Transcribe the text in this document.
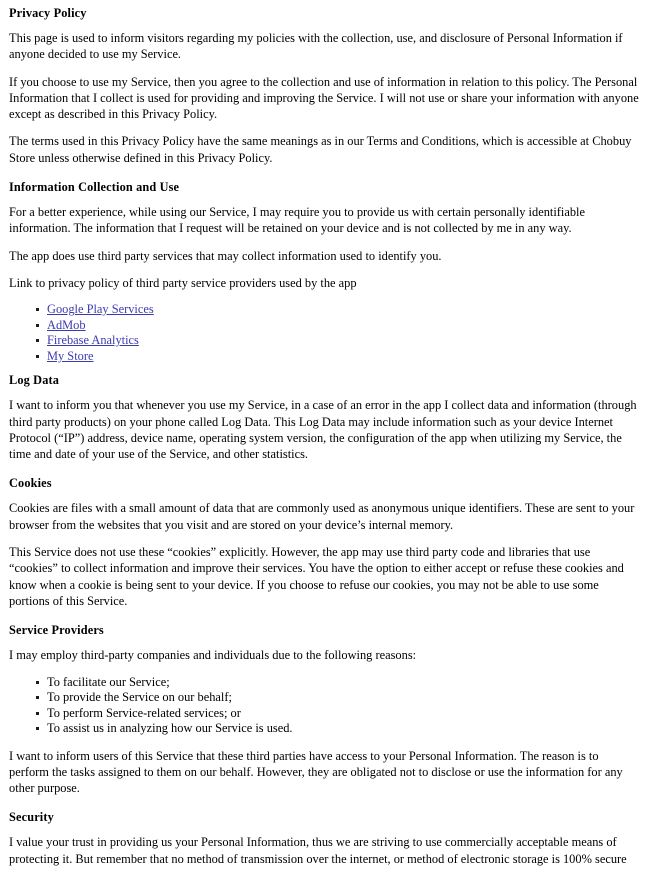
Privacy Policy

This page is used to inform visitors regarding my policies with the collection, use, and disclosure of Personal Information if anyone decided to use my Service.

If you choose to use my Service, then you agree to the collection and use of information in relation to this policy. The Personal Information that I collect is used for providing and improving the Service. I will not use or share your information with anyone except as described in this Privacy Policy.

The terms used in this Privacy Policy have the same meanings as in our Terms and Conditions, which is accessible at Chobuy Store unless otherwise defined in this Privacy Policy.

Information Collection and Use

For a better experience, while using our Service, I may require you to provide us with certain personally identifiable information. The information that I request will be retained on your device and is not collected by me in any way.

The app does use third party services that may collect information used to identify you.

Link to privacy policy of third party service providers used by the app

Google Play Services
AdMob
Firebase Analytics
My Store
Log Data

I want to inform you that whenever you use my Service, in a case of an error in the app I collect data and information (through third party products) on your phone called Log Data. This Log Data may include information such as your device Internet Protocol (“IP”) address, device name, operating system version, the configuration of the app when utilizing my Service, the time and date of your use of the Service, and other statistics.

Cookies

Cookies are files with a small amount of data that are commonly used as anonymous unique identifiers. These are sent to your browser from the websites that you visit and are stored on your device’s internal memory.

This Service does not use these “cookies” explicitly. However, the app may use third party code and libraries that use “cookies” to collect information and improve their services. You have the option to either accept or refuse these cookies and know when a cookie is being sent to your device. If you choose to refuse our cookies, you may not be able to use some portions of this Service.

Service Providers

I may employ third-party companies and individuals due to the following reasons:

To facilitate our Service;
To provide the Service on our behalf;
To perform Service-related services; or
To assist us in analyzing how our Service is used.

I want to inform users of this Service that these third parties have access to your Personal Information. The reason is to perform the tasks assigned to them on our behalf. However, they are obligated not to disclose or use the information for any other purpose.

Security

I value your trust in providing us your Personal Information, thus we are striving to use commercially acceptable means of protecting it. But remember that no method of transmission over the internet, or method of electronic storage is 100% secure
